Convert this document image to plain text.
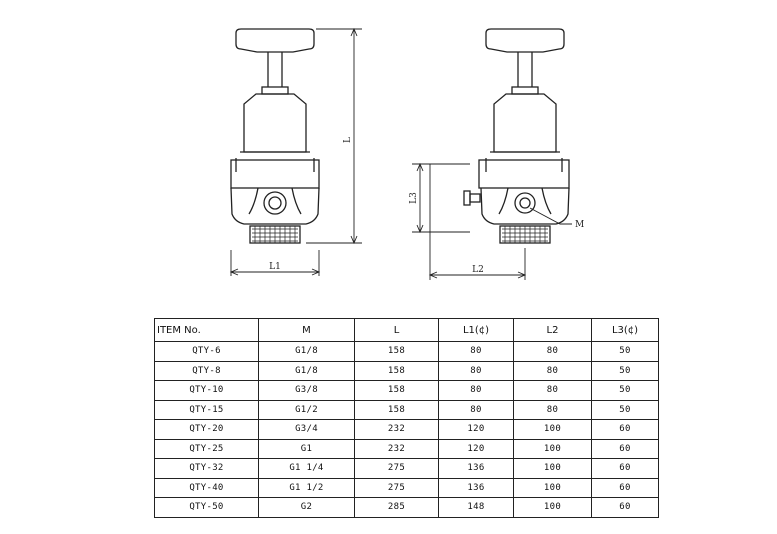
L
L1
L3
L2
M
ITEM No.	M	L	L1(¢)	L2	L3(¢)
QTY-6	G1/8	158	80	80	50
QTY-8	G1/8	158	80	80	50
QTY-10	G3/8	158	80	80	50
QTY-15	G1/2	158	80	80	50
QTY-20	G3/4	232	120	100	60
QTY-25	G1	232	120	100	60
QTY-32	G1 1/4	275	136	100	60
QTY-40	G1 1/2	275	136	100	60
QTY-50	G2	285	148	100	60
